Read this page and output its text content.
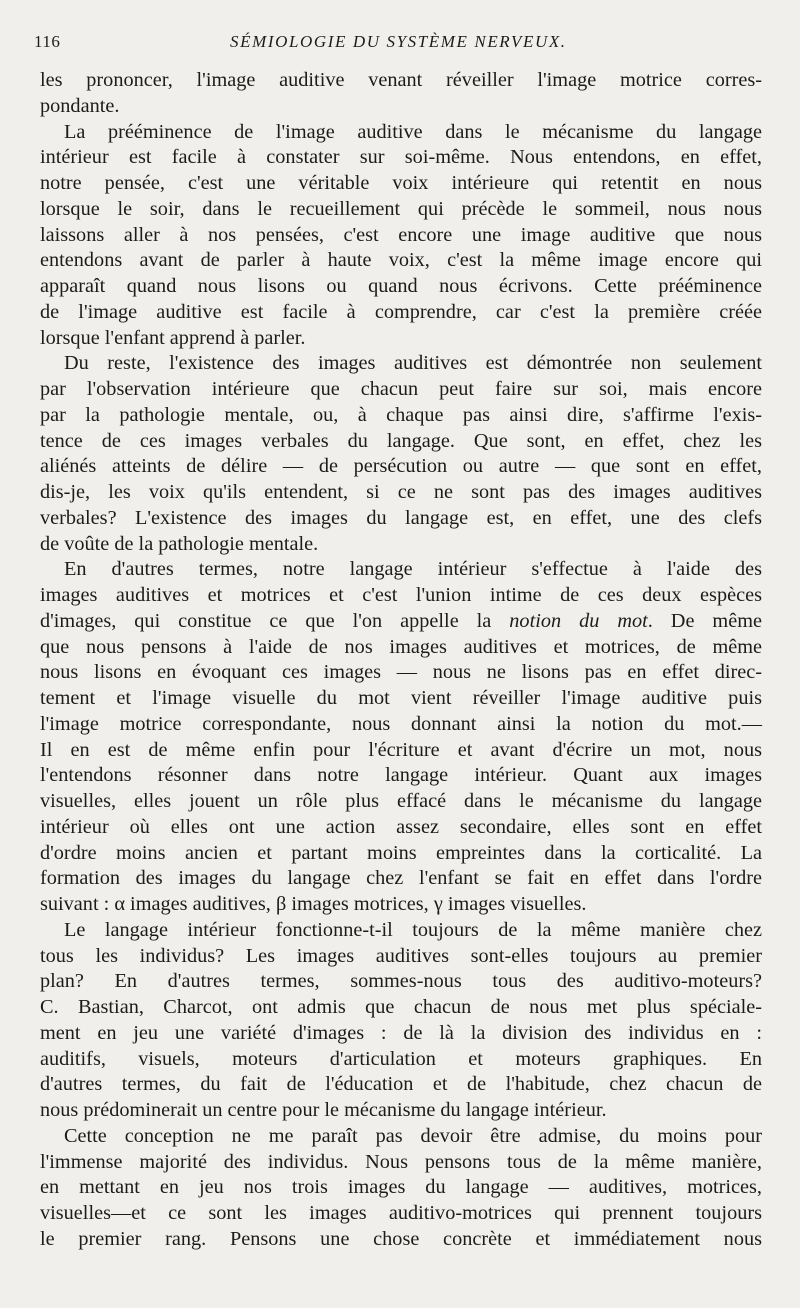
116	SÉMIOLOGIE DU SYSTÈME NERVEUX.
les prononcer, l'image auditive venant réveiller l'image motrice corres-
pondante.
La prééminence de l'image auditive dans le mécanisme du langage
intérieur est facile à constater sur soi-même. Nous entendons, en effet,
notre pensée, c'est une véritable voix intérieure qui retentit en nous
lorsque le soir, dans le recueillement qui précède le sommeil, nous nous
laissons aller à nos pensées, c'est encore une image auditive que nous
entendons avant de parler à haute voix, c'est la même image encore qui
apparaît quand nous lisons ou quand nous écrivons. Cette prééminence
de l'image auditive est facile à comprendre, car c'est la première créée
lorsque l'enfant apprend à parler.
Du reste, l'existence des images auditives est démontrée non seulement
par l'observation intérieure que chacun peut faire sur soi, mais encore
par la pathologie mentale, ou, à chaque pas ainsi dire, s'affirme l'exis-
tence de ces images verbales du langage. Que sont, en effet, chez les
aliénés atteints de délire — de persécution ou autre — que sont en effet,
dis-je, les voix qu'ils entendent, si ce ne sont pas des images auditives
verbales? L'existence des images du langage est, en effet, une des clefs
de voûte de la pathologie mentale.
En d'autres termes, notre langage intérieur s'effectue à l'aide des
images auditives et motrices et c'est l'union intime de ces deux espèces
d'images, qui constitue ce que l'on appelle la notion du mot. De même
que nous pensons à l'aide de nos images auditives et motrices, de même
nous lisons en évoquant ces images — nous ne lisons pas en effet direc-
tement et l'image visuelle du mot vient réveiller l'image auditive puis
l'image motrice correspondante, nous donnant ainsi la notion du mot.—
Il en est de même enfin pour l'écriture et avant d'écrire un mot, nous
l'entendons résonner dans notre langage intérieur. Quant aux images
visuelles, elles jouent un rôle plus effacé dans le mécanisme du langage
intérieur où elles ont une action assez secondaire, elles sont en effet
d'ordre moins ancien et partant moins empreintes dans la corticalité. La
formation des images du langage chez l'enfant se fait en effet dans l'ordre
suivant : α images auditives, β images motrices, γ images visuelles.
Le langage intérieur fonctionne-t-il toujours de la même manière chez
tous les individus? Les images auditives sont-elles toujours au premier
plan? En d'autres termes, sommes-nous tous des auditivo-moteurs?
C. Bastian, Charcot, ont admis que chacun de nous met plus spéciale-
ment en jeu une variété d'images : de là la division des individus en :
auditifs, visuels, moteurs d'articulation et moteurs graphiques. En
d'autres termes, du fait de l'éducation et de l'habitude, chez chacun de
nous prédominerait un centre pour le mécanisme du langage intérieur.
Cette conception ne me paraît pas devoir être admise, du moins pour
l'immense majorité des individus. Nous pensons tous de la même manière,
en mettant en jeu nos trois images du langage — auditives, motrices,
visuelles—et ce sont les images auditivo-motrices qui prennent toujours
le premier rang. Pensons une chose concrète et immédiatement nous
